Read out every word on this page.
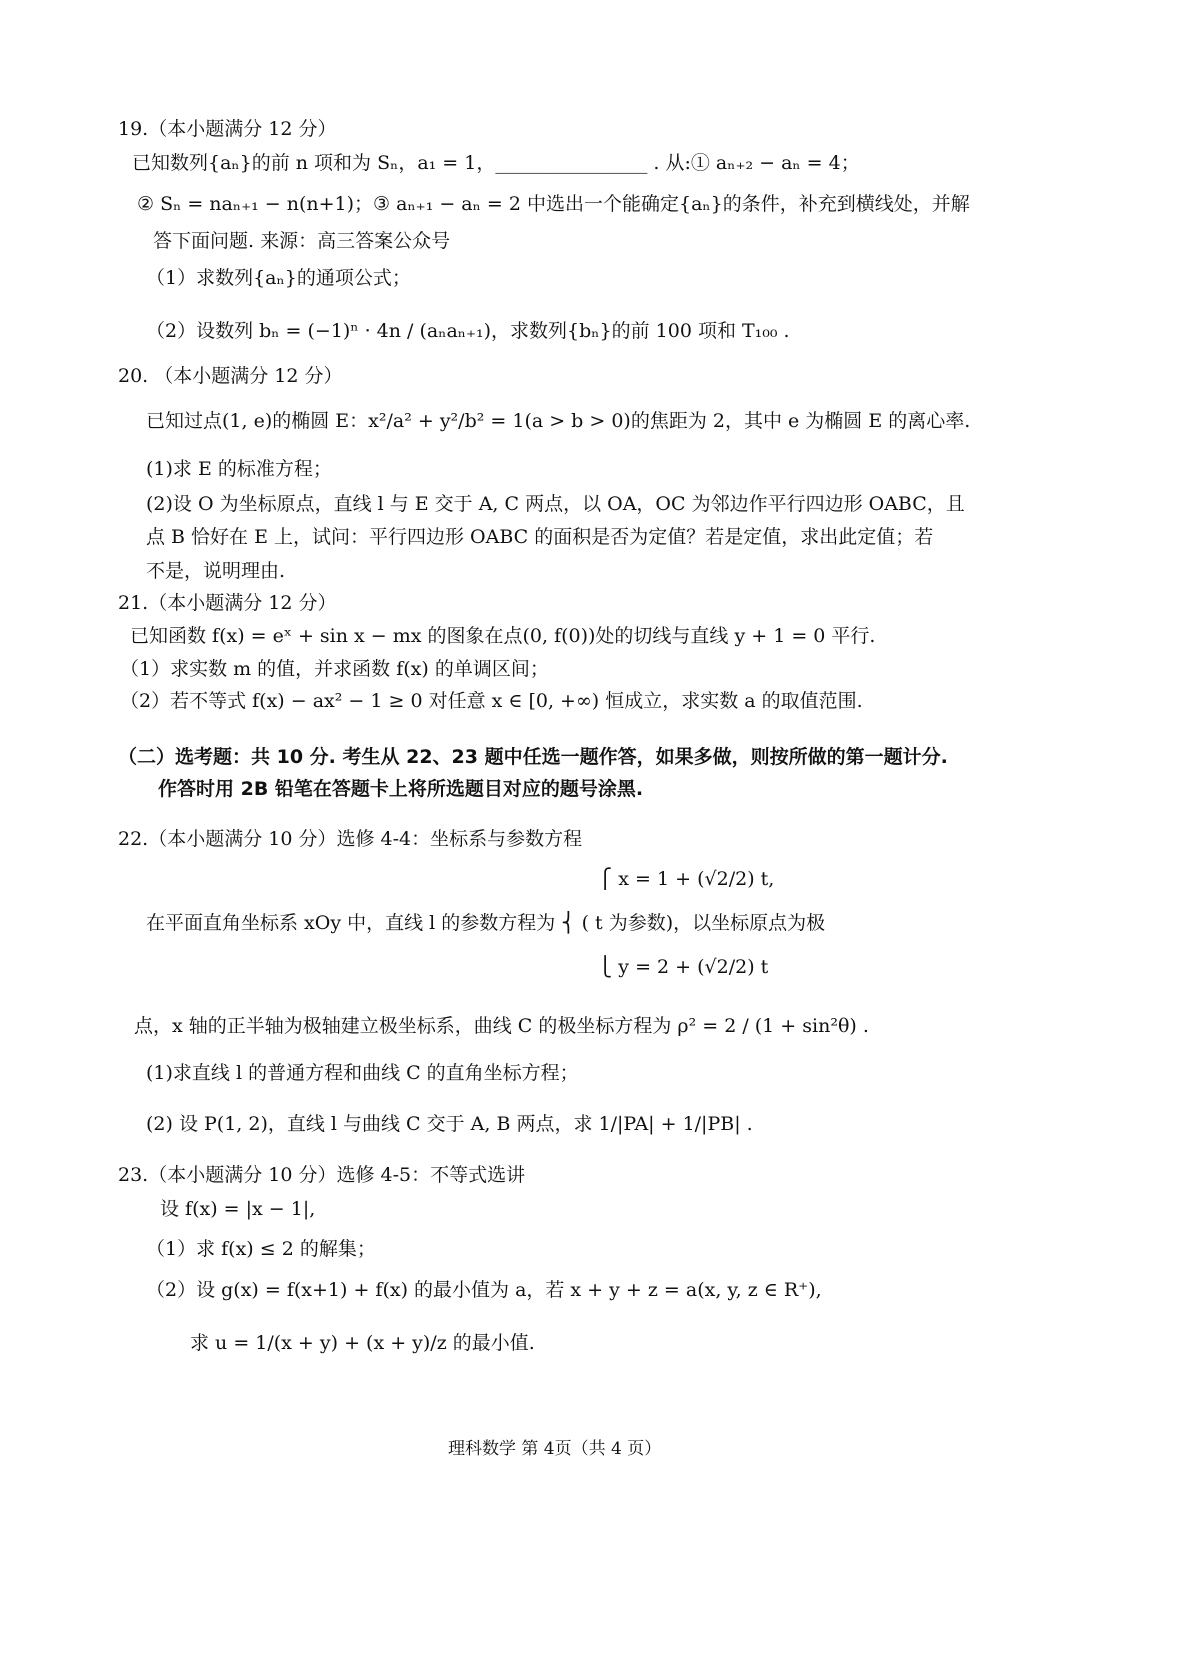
19.（本小题满分 12 分）
已知数列{aₙ}的前 n 项和为 Sₙ，a₁ = 1，________________ . 从:① aₙ₊₂ − aₙ = 4；
② Sₙ = naₙ₊₁ − n(n+1)；③ aₙ₊₁ − aₙ = 2 中选出一个能确定{aₙ}的条件，补充到横线处，并解
答下面问题. 来源：高三答案公众号
（1）求数列{aₙ}的通项公式；
（2）设数列 bₙ = (−1)ⁿ · 4n / (aₙaₙ₊₁)，求数列{bₙ}的前 100 项和 T₁₀₀ .
20. （本小题满分 12 分）
已知过点(1, e)的椭圆 E：x²/a² + y²/b² = 1(a > b > 0)的焦距为 2，其中 e 为椭圆 E 的离心率.
(1)求 E 的标准方程；
(2)设 O 为坐标原点，直线 l 与 E 交于 A, C 两点，以 OA，OC 为邻边作平行四边形 OABC，且
点 B 恰好在 E 上，试问：平行四边形 OABC 的面积是否为定值？若是定值，求出此定值；若
不是，说明理由.
21.（本小题满分 12 分）
已知函数 f(x) = eˣ + sin x − mx 的图象在点(0, f(0))处的切线与直线 y + 1 = 0 平行.
（1）求实数 m 的值，并求函数 f(x) 的单调区间；
（2）若不等式 f(x) − ax² − 1 ≥ 0 对任意 x ∈ [0, +∞) 恒成立，求实数 a 的取值范围.
（二）选考题：共 10 分. 考生从 22、23 题中任选一题作答，如果多做，则按所做的第一题计分.
作答时用 2B 铅笔在答题卡上将所选题目对应的题号涂黑.
22.（本小题满分 10 分）选修 4-4：坐标系与参数方程
⎧ x = 1 + (√2/2) t,
在平面直角坐标系 xOy 中，直线 l 的参数方程为 ⎨ ( t 为参数)，以坐标原点为极
⎩ y = 2 + (√2/2) t
点，x 轴的正半轴为极轴建立极坐标系，曲线 C 的极坐标方程为 ρ² = 2 / (1 + sin²θ) .
(1)求直线 l 的普通方程和曲线 C 的直角坐标方程；
(2) 设 P(1, 2)，直线 l 与曲线 C 交于 A, B 两点，求 1/|PA| + 1/|PB| .
23.（本小题满分 10 分）选修 4-5：不等式选讲
设 f(x) = |x − 1|,
（1）求 f(x) ≤ 2 的解集；
（2）设 g(x) = f(x+1) + f(x) 的最小值为 a，若 x + y + z = a(x, y, z ∈ R⁺),
求 u = 1/(x + y) + (x + y)/z 的最小值.
理科数学 第 4页（共 4 页）
